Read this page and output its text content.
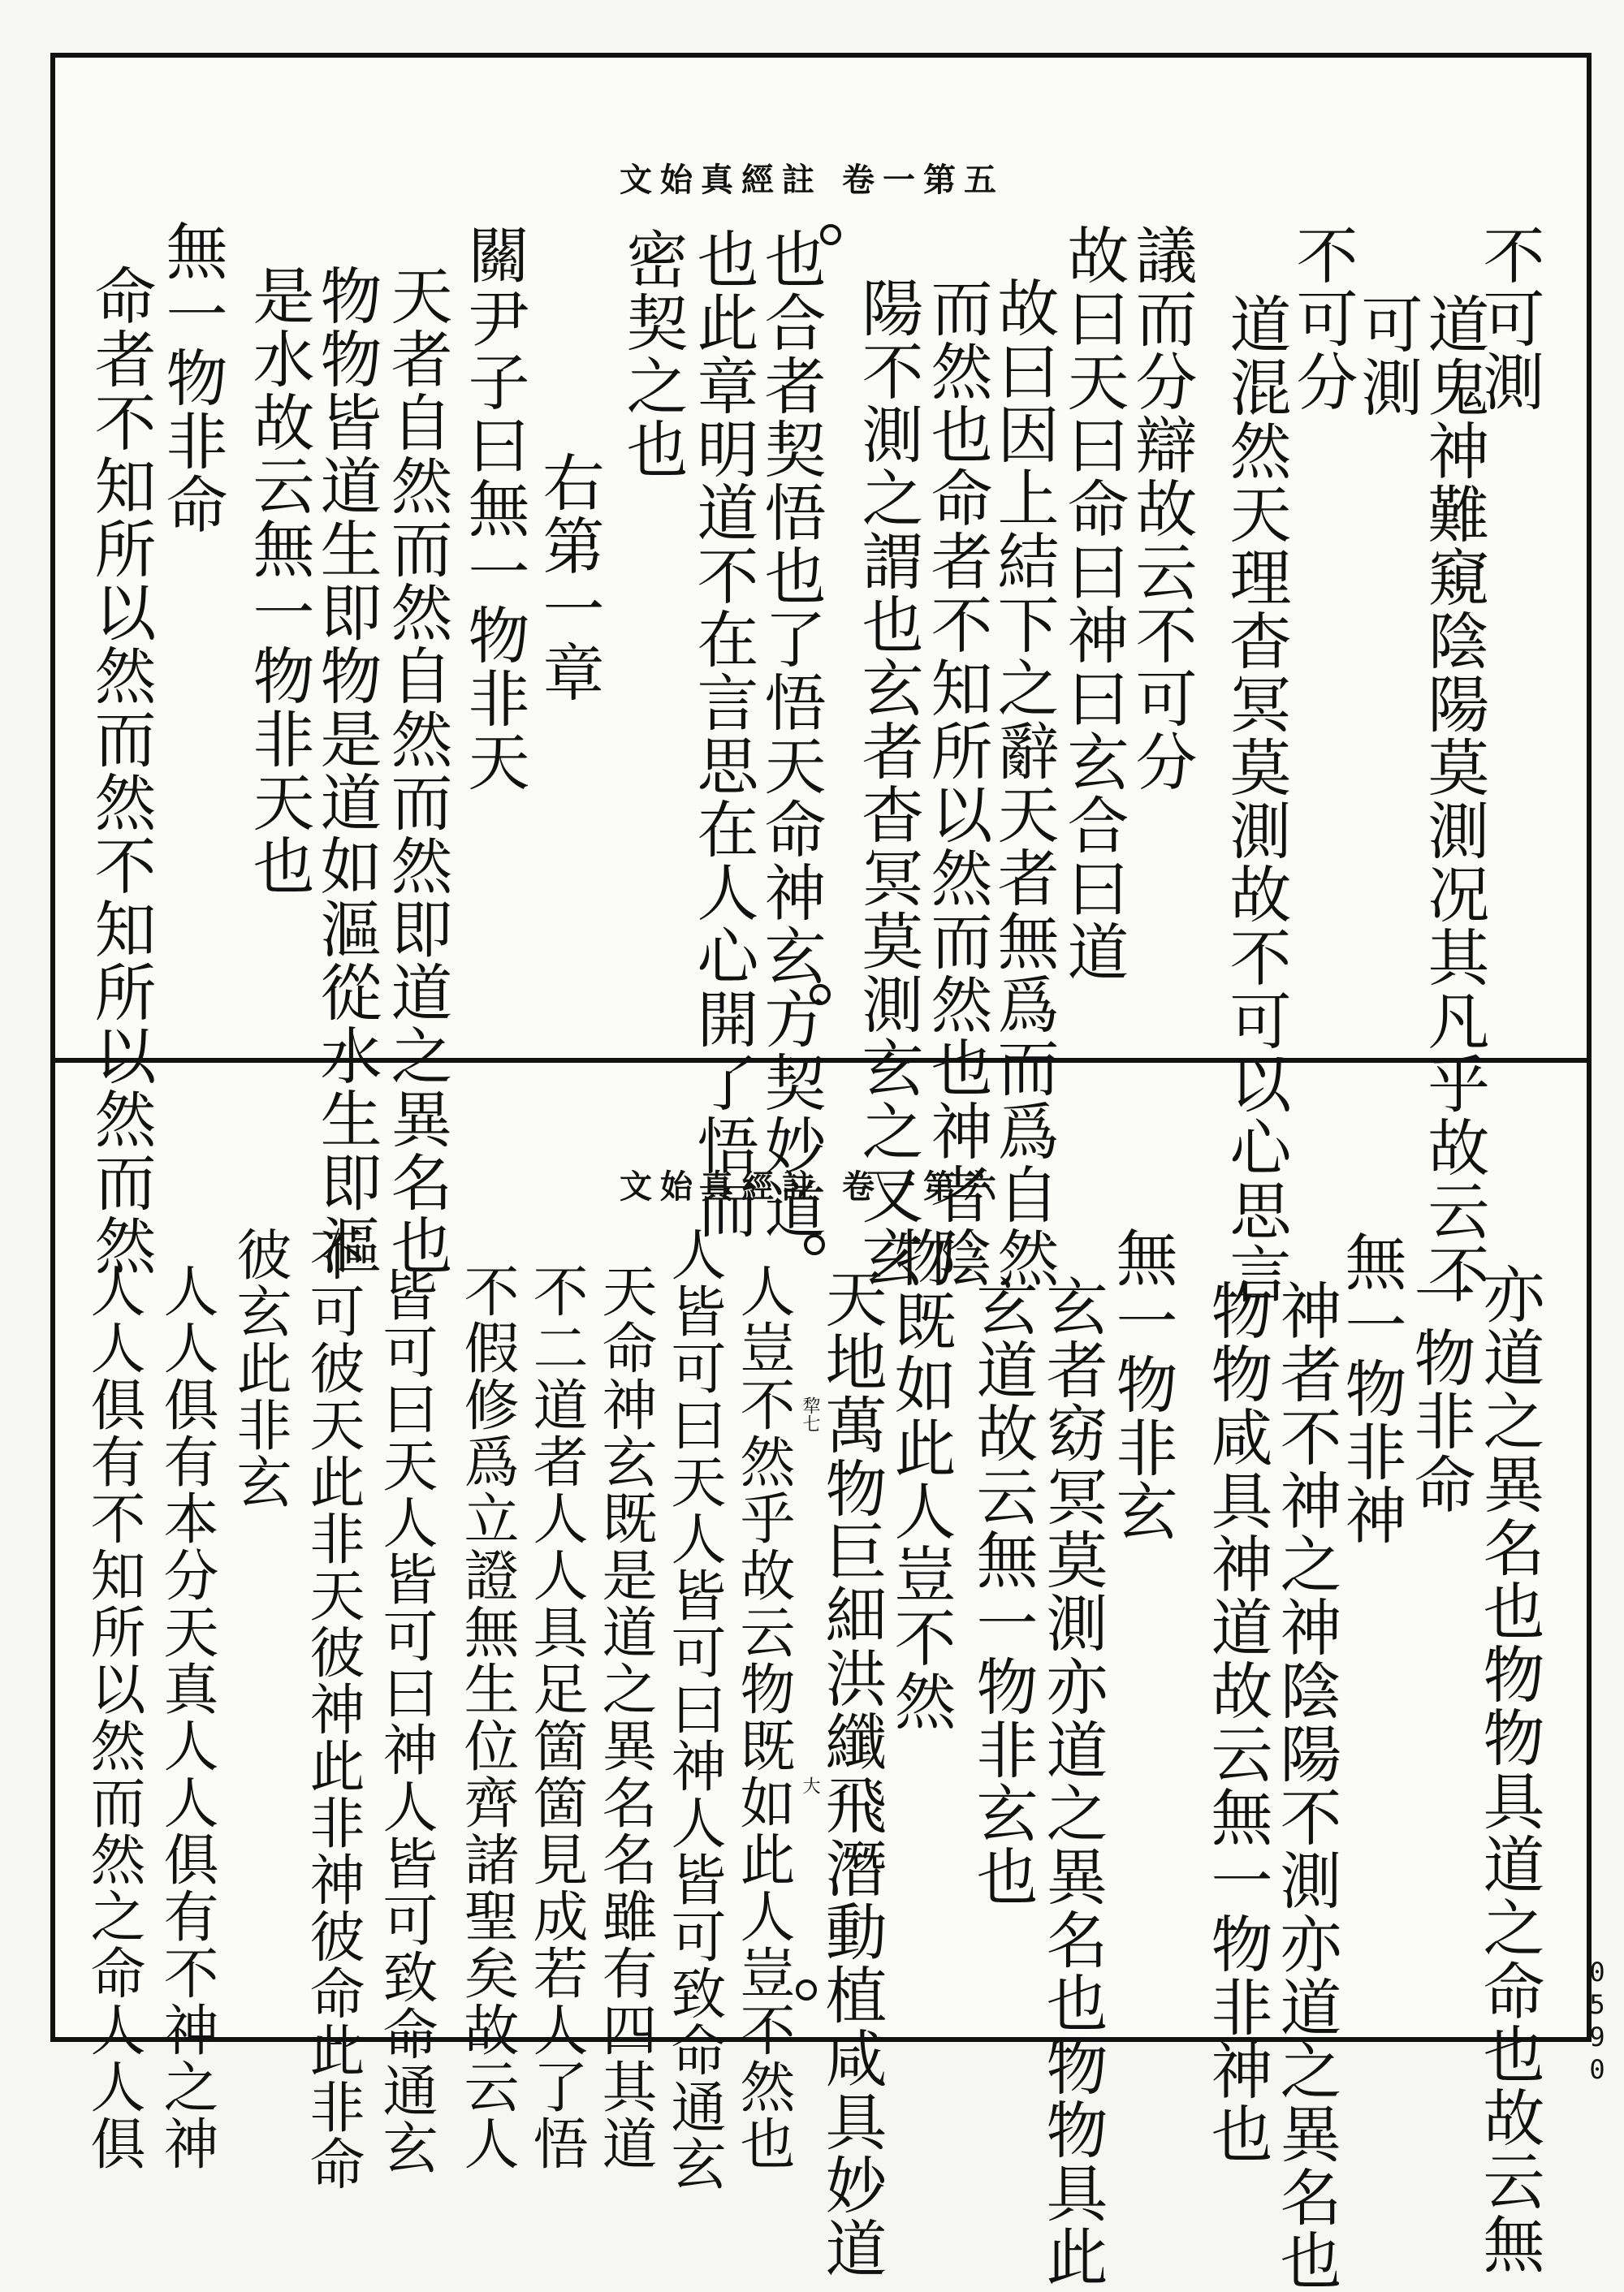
文始真經註 卷一第五
不可測
道鬼神難窺陰陽莫測况其凡乎故云不
可測
不可分
道混然天理杳冥莫測故不可以心思言
議而分辯故云不可分
故曰天曰命曰神曰玄合曰道
故曰因上結下之辭天者無爲而爲自然
而然也命者不知所以然而然也神者陰
陽不測之謂也玄者杳冥莫測玄之又玄
也合者契悟也了悟天命神玄方契妙道
也此章明道不在言思在人心開了悟而
密契之也
右第一章
關尹子曰無一物非天
天者自然而然自然而然即道之異名也
物物皆道生即物是道如漚從水生即漚
是水故云無一物非天也
無一物非命
命者不知所以然而然不知所以然而然	文始真經註 卷一第六
亦道之異名也物物具道之命也故云無
一物非命
無一物非神
神者不神之神陰陽不測亦道之異名也
物物咸具神道故云無一物非神也
無一物非玄
玄者窈冥莫測亦道之異名也物物具此
玄道故云無一物非玄也
物既如此人豈不然
天地萬物巨細洪纖飛潛動植咸具妙道
犂七
大
人豈不然乎故云物既如此人豈不然也
人皆可曰天人皆可曰神人皆可致命通玄
天命神玄既是道之異名名雖有四其道
不二道者人人具足箇箇見成若人了悟
不假修爲立證無生位齊諸聖矣故云人
皆可曰天人皆可曰神人皆可致命通玄
不可彼天此非天彼神此非神彼命此非命
彼玄此非玄
人人俱有本分天真人人俱有不神之神
人人俱有不知所以然而然之命人人俱	0590
